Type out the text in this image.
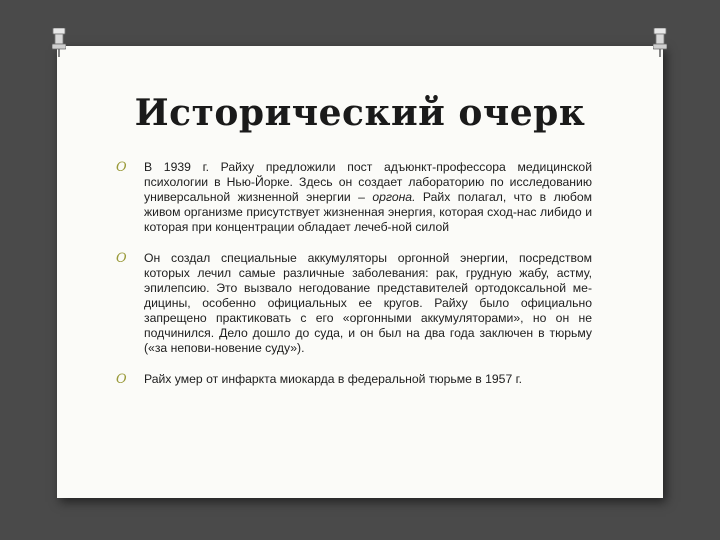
Исторический очерк
O В 1939 г. Райху предложили пост адъюнкт-профессора медицинской психологии в Нью-Йорке. Здесь он создает лабораторию по исследованию универсальной жизненной энергии – оргона. Райх полагал, что в любом живом организме присутствует жизненная энергия, которая сход-нас либидо и которая при концентрации обладает лечеб-ной силой
O Он создал специальные аккумуляторы оргонной энергии, посредством которых лечил самые различные заболевания: рак, грудную жабу, астму, эпилепсию. Это вызвало негодование представителей ортодоксальной ме-дицины, особенно официальных ее кругов. Райху было официально запрещено практиковать с его «оргонными аккумуляторами», но он не подчинился. Дело дошло до суда, и он был на два года заключен в тюрьму («за непови-новение суду»).
O Райх умер от инфаркта миокарда в федеральной тюрьме в 1957 г.
